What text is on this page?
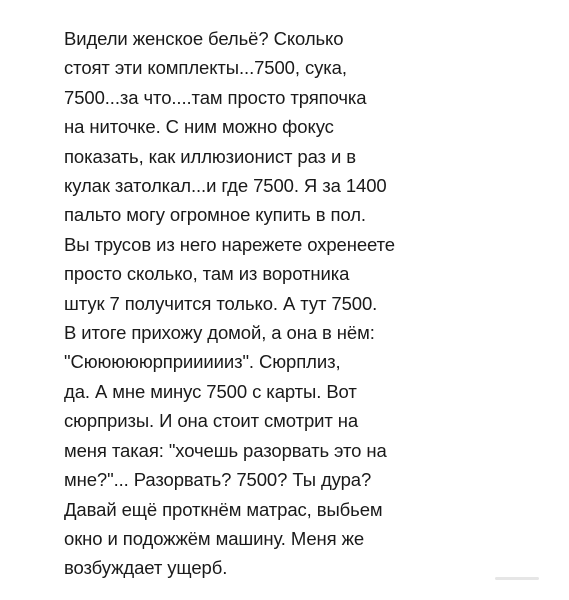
Видели женское бельё? Сколько
стоят эти комплекты...7500, сука,
7500...за что....там просто тряпочка
на ниточке. С ним можно фокус
показать, как иллюзионист раз и в
кулак затолкал...и где 7500. Я за 1400
пальто могу огромное купить в пол.
Вы трусов из него нарежете охренеете
просто сколько, там из воротника
штук 7 получится только. А тут 7500.
В итоге прихожу домой, а она в нём:
"Сюююююрприииииз". Сюрплиз,
да. А мне минус 7500 с карты. Вот
сюрпризы. И она стоит смотрит на
меня такая: "хочешь разорвать это на
мне?"... Разорвать? 7500? Ты дура?
Давай ещё проткнём матрас, выбьем
окно и подожжём машину. Меня же
возбуждает ущерб.
